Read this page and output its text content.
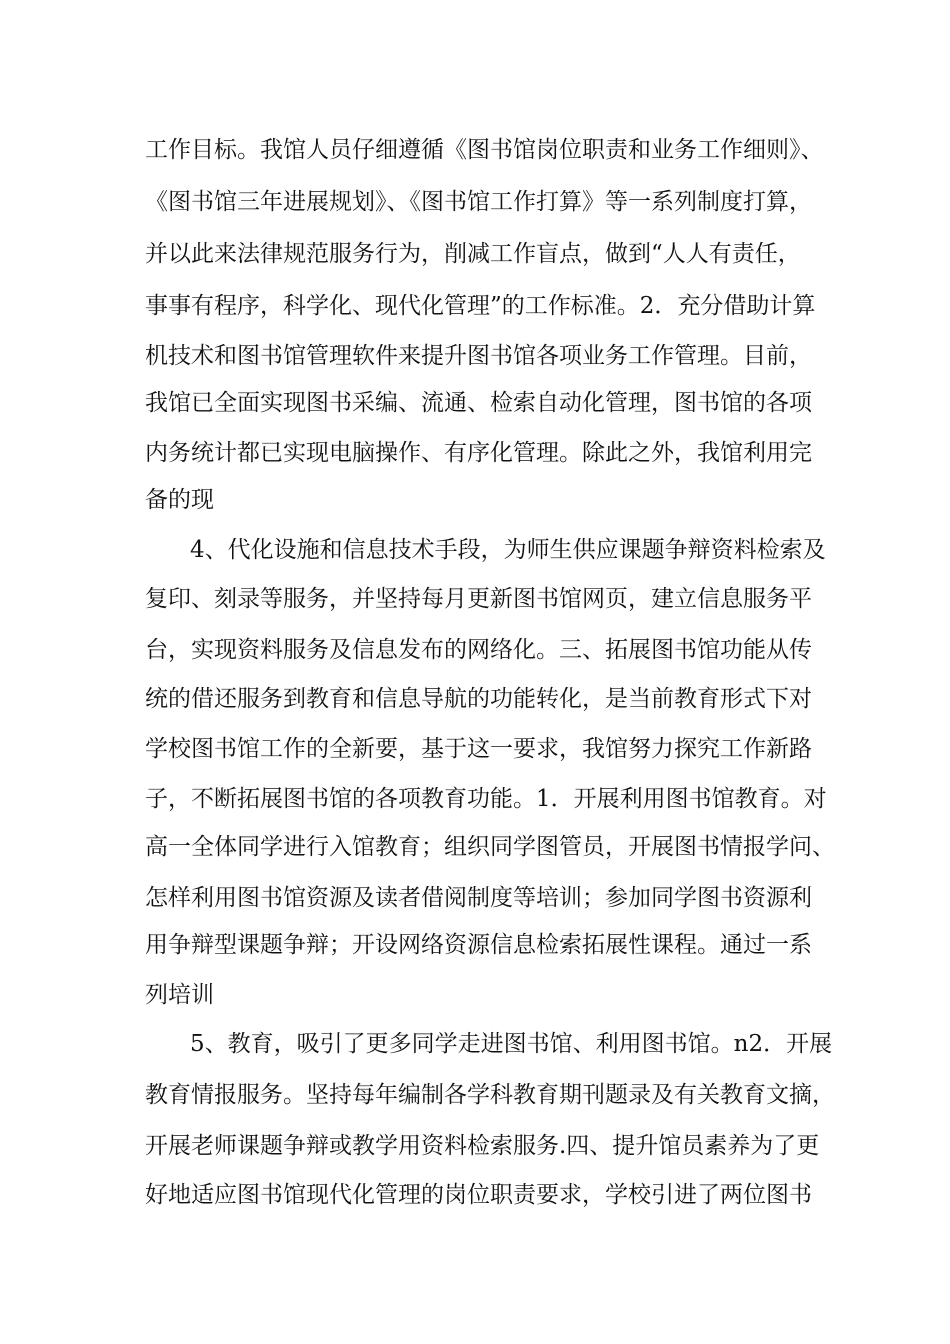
工作目标。我馆人员仔细遵循《图书馆岗位职责和业务工作细则》、
《图书馆三年进展规划》、《图书馆工作打算》等一系列制度打算，
并以此来法律规范服务行为，削减工作盲点，做到“人人有责任，
事事有程序，科学化、现代化管理”的工作标准。2．充分借助计算
机技术和图书馆管理软件来提升图书馆各项业务工作管理。目前，
我馆已全面实现图书采编、流通、检索自动化管理，图书馆的各项
内务统计都已实现电脑操作、有序化管理。除此之外，我馆利用完
备的现
4、代化设施和信息技术手段，为师生供应课题争辩资料检索及
复印、刻录等服务，并坚持每月更新图书馆网页，建立信息服务平
台，实现资料服务及信息发布的网络化。三、拓展图书馆功能从传
统的借还服务到教育和信息导航的功能转化，是当前教育形式下对
学校图书馆工作的全新要，基于这一要求，我馆努力探究工作新路
子，不断拓展图书馆的各项教育功能。1．开展利用图书馆教育。对
高一全体同学进行入馆教育；组织同学图管员，开展图书情报学问、
怎样利用图书馆资源及读者借阅制度等培训；参加同学图书资源利
用争辩型课题争辩；开设网络资源信息检索拓展性课程。通过一系
列培训
5、教育，吸引了更多同学走进图书馆、利用图书馆。n2．开展
教育情报服务。坚持每年编制各学科教育期刊题录及有关教育文摘，
开展老师课题争辩或教学用资料检索服务.四、提升馆员素养为了更
好地适应图书馆现代化管理的岗位职责要求，学校引进了两位图书
